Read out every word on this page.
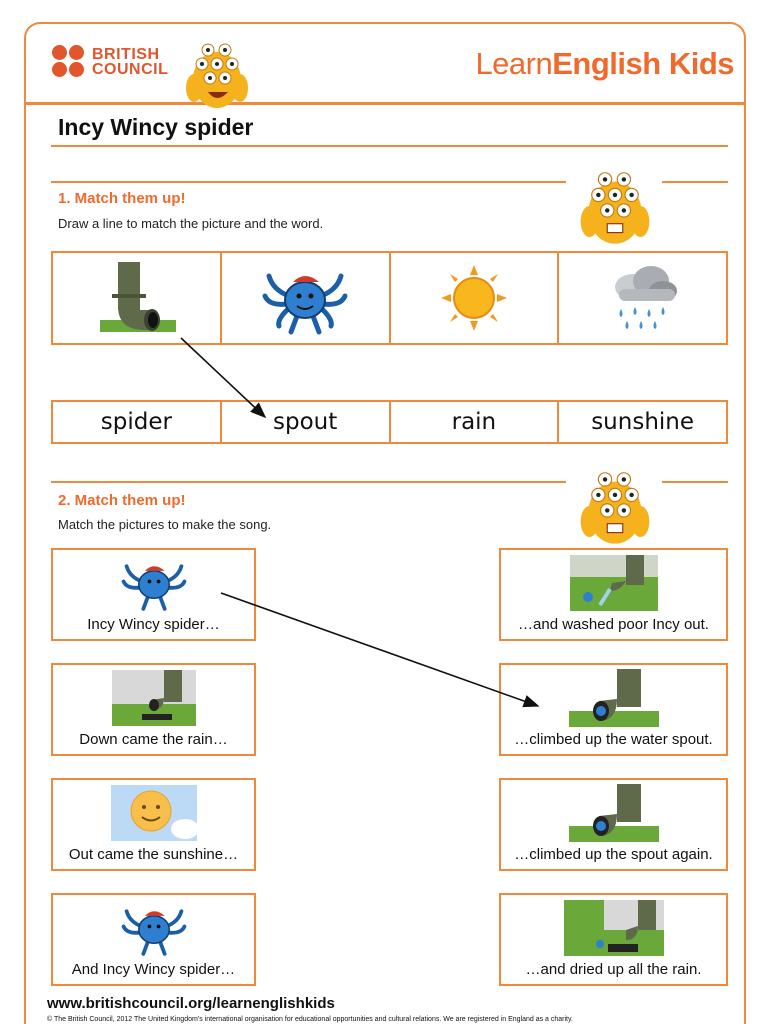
BRITISH
COUNCIL	LearnEnglish Kids
Incy Wincy spider
1. Match them up!
Draw a line to match the picture and the word.
spider	spout	rain	sunshine
2. Match them up!
Match the pictures to make the song.
Incy Wincy spider…
Down came the rain…
Out came the sunshine…
And Incy Wincy spider…
…and washed poor Incy out.
…climbed up the water spout.
…climbed up the spout again.
…and dried up all the rain.
www.britishcouncil.org/learnenglishkids
© The British Council, 2012 The United Kingdom’s international organisation for educational opportunities and cultural relations. We are registered in England as a charity.
